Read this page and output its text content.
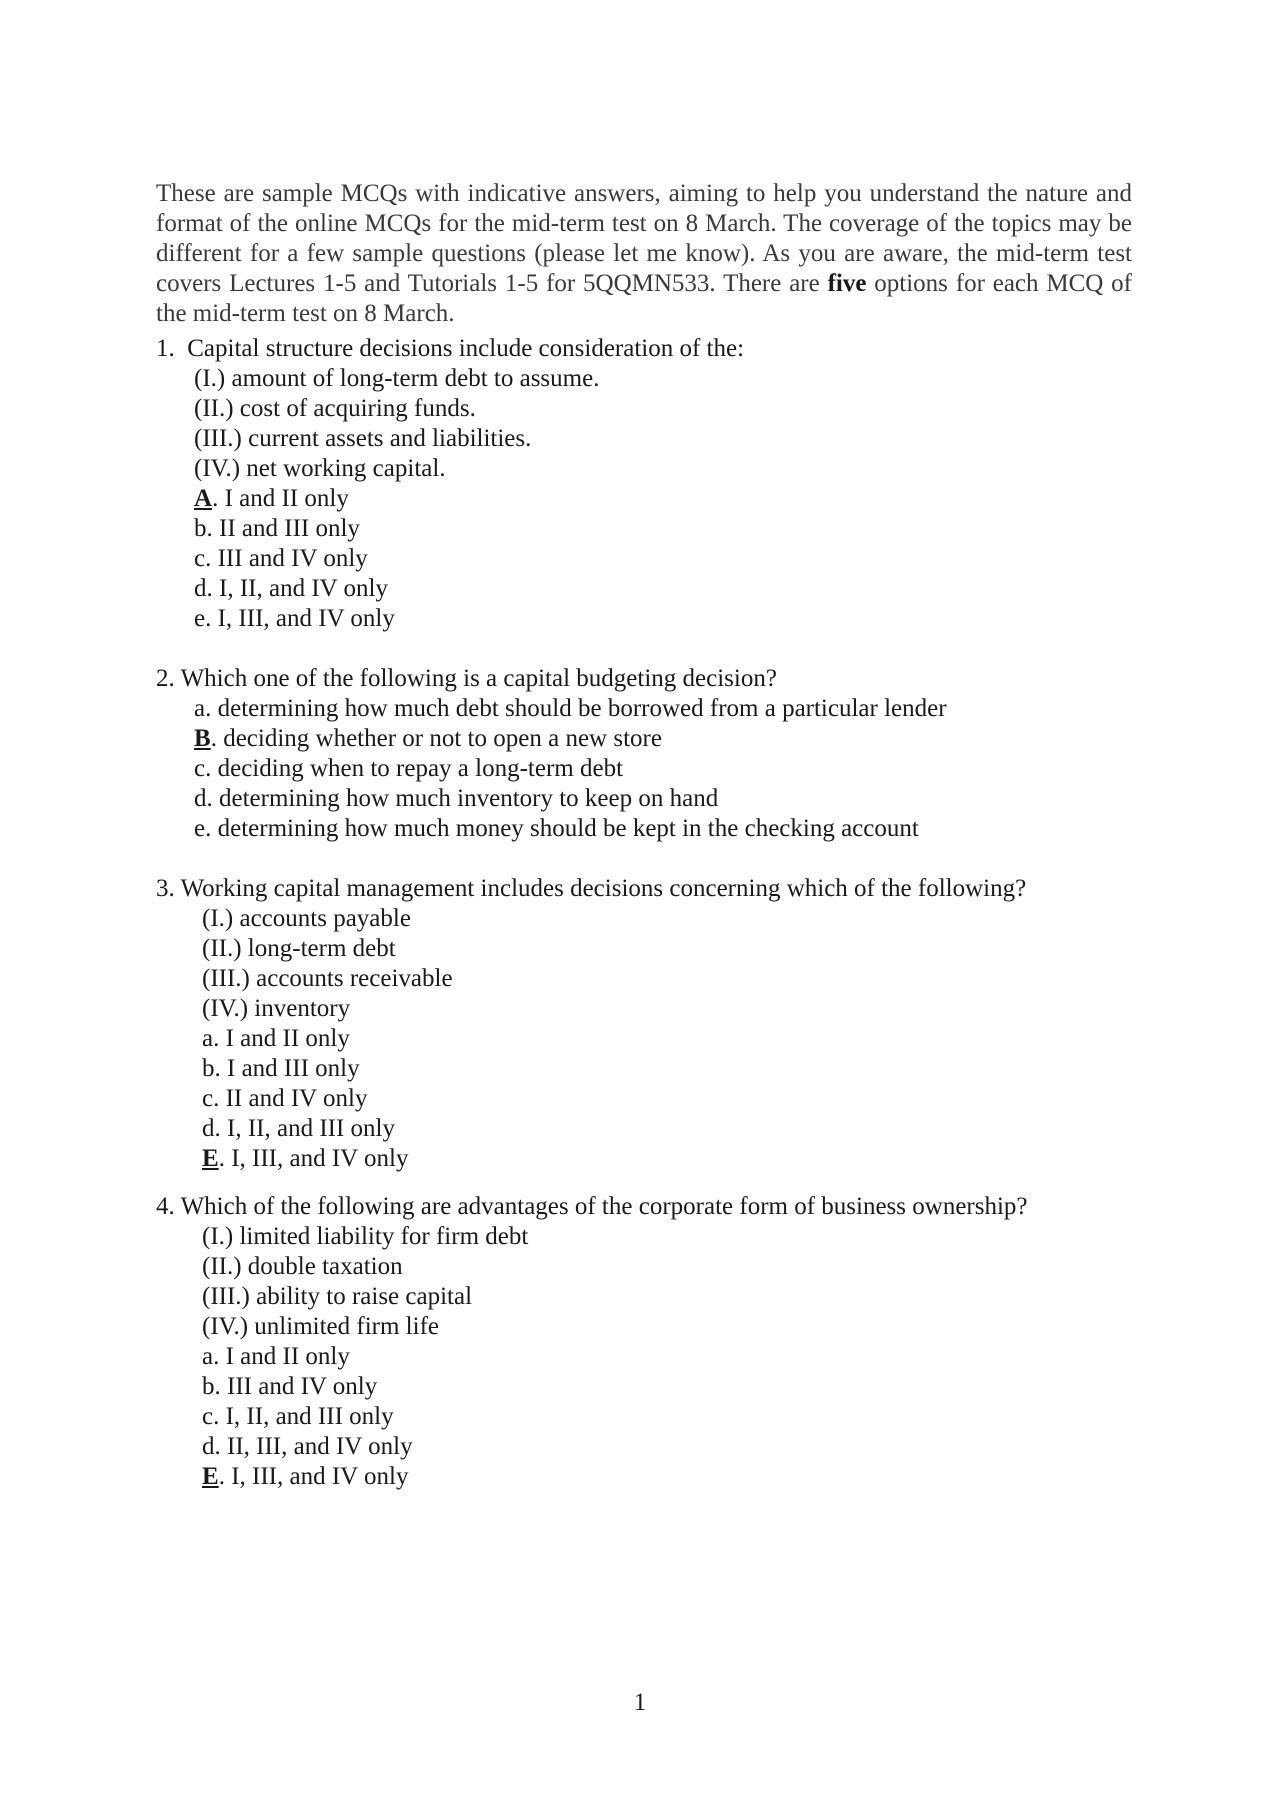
These are sample MCQs with indicative answers, aiming to help you understand the nature and format of the online MCQs for the mid-term test on 8 March. The coverage of the topics may be different for a few sample questions (please let me know). As you are aware, the mid-term test covers Lectures 1-5 and Tutorials 1-5 for 5QQMN533. There are five options for each MCQ of the mid-term test on 8 March.

1. Capital structure decisions include consideration of the:
(I.) amount of long-term debt to assume.
(II.) cost of acquiring funds.
(III.) current assets and liabilities.
(IV.) net working capital.
A. I and II only
b. II and III only
c. III and IV only
d. I, II, and IV only
e. I, III, and IV only
2. Which one of the following is a capital budgeting decision?
a. determining how much debt should be borrowed from a particular lender
B. deciding whether or not to open a new store
c. deciding when to repay a long-term debt
d. determining how much inventory to keep on hand
e. determining how much money should be kept in the checking account
3. Working capital management includes decisions concerning which of the following?
(I.) accounts payable
(II.) long-term debt
(III.) accounts receivable
(IV.) inventory
a. I and II only
b. I and III only
c. II and IV only
d. I, II, and III only
E. I, III, and IV only
4. Which of the following are advantages of the corporate form of business ownership?
(I.) limited liability for firm debt
(II.) double taxation
(III.) ability to raise capital
(IV.) unlimited firm life
a. I and II only
b. III and IV only
c. I, II, and III only
d. II, III, and IV only
E. I, III, and IV only
1
